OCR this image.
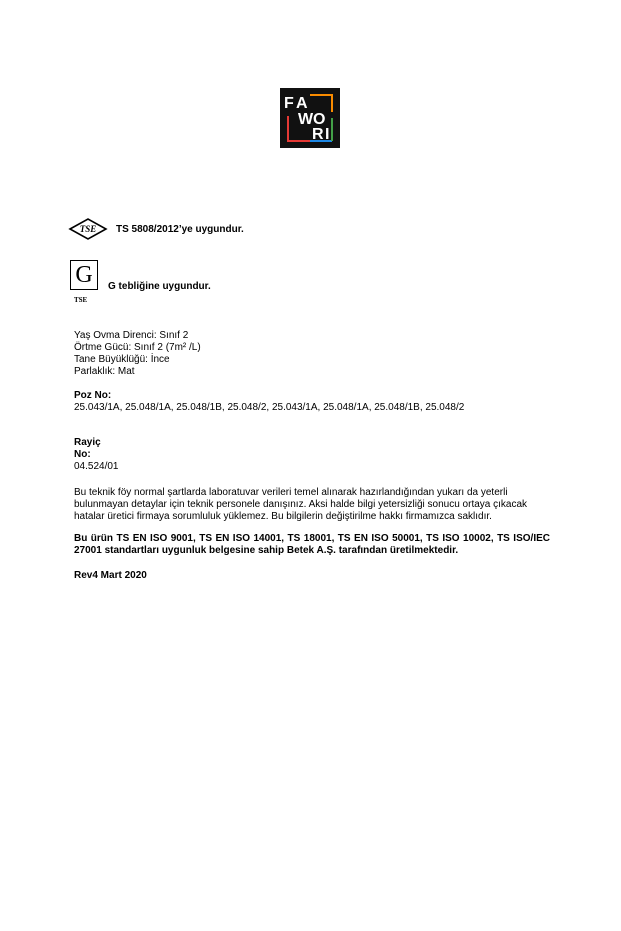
F A
W O
R I
TSE TS 5808/2012’ye uygundur.
G
TSE
G tebliğine uygundur.
Yaş Ovma Direnci: Sınıf 2
Örtme Gücü: Sınıf 2 (7m² /L)
Tane Büyüklüğü: İnce
Parlaklık: Mat
Poz No:
25.043/1A, 25.048/1A, 25.048/1B, 25.048/2, 25.043/1A, 25.048/1A, 25.048/1B, 25.048/2
Rayiç
No:
04.524/01
Bu teknik föy normal şartlarda laboratuvar verileri temel alınarak hazırlandığından yukarı da yeterli bulunmayan detaylar için teknik personele danışınız. Aksi halde bilgi yetersizliği sonucu ortaya çıkacak hatalar üretici firmaya sorumluluk yüklemez. Bu bilgilerin değiştirilme hakkı firmamızca saklıdır.
Bu ürün TS EN ISO 9001, TS EN ISO 14001, TS 18001, TS EN ISO 50001, TS ISO 10002, TS ISO/IEC 27001 standartları uygunluk belgesine sahip Betek A.Ş. tarafından üretilmektedir.
Rev4 Mart 2020
